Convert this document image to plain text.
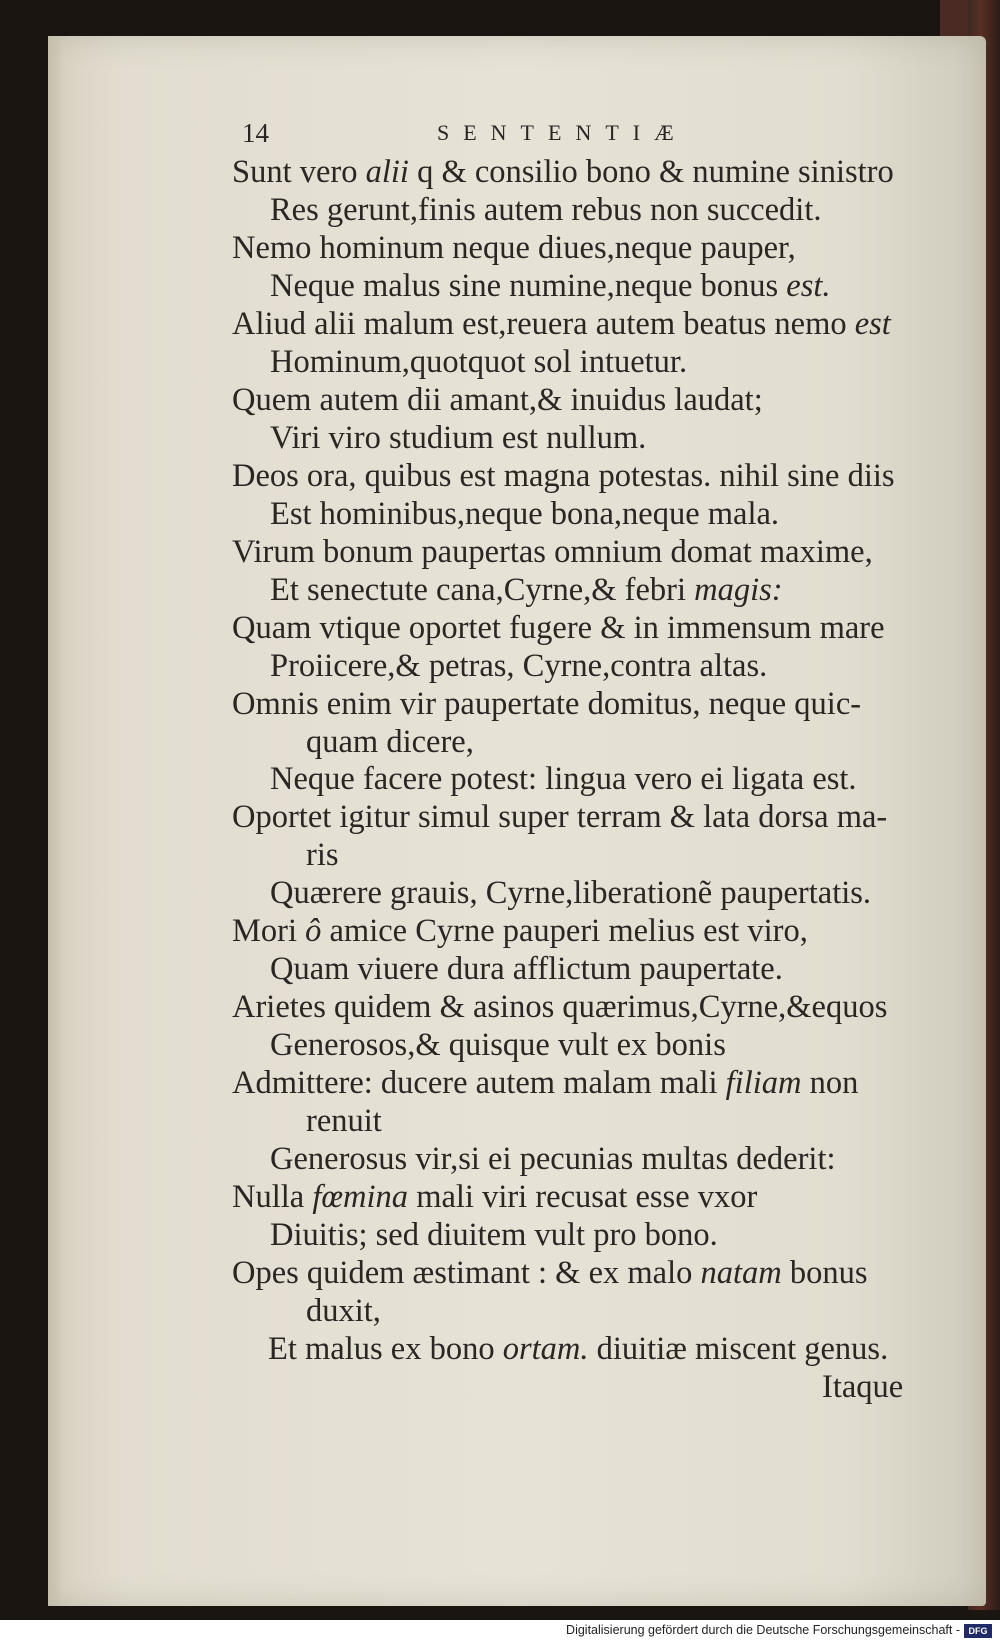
14	SENTENTIÆ
Sunt vero alii q & consilio bono & numine sinistro
Res gerunt,finis autem rebus non succedit.
Nemo hominum neque diues,neque pauper,
Neque malus sine numine,neque bonus est.
Aliud alii malum est,reuera autem beatus nemo est
Hominum,quotquot sol intuetur.
Quem autem dii amant,& inuidus laudat;
Viri viro studium est nullum.
Deos ora, quibus est magna potestas. nihil sine diis
Est hominibus,neque bona,neque mala.
Virum bonum paupertas omnium domat maxime,
Et senectute cana,Cyrne,& febri magis:
Quam vtique oportet fugere & in immensum mare
Proiicere,& petras, Cyrne,contra altas.
Omnis enim vir paupertate domitus, neque quic-
quam dicere,
Neque facere potest: lingua vero ei ligata est.
Oportet igitur simul super terram & lata dorsa ma-
ris
Quærere grauis, Cyrne,liberationẽ paupertatis.
Mori ô amice Cyrne pauperi melius est viro,
Quam viuere dura afflictum paupertate.
Arietes quidem & asinos quærimus,Cyrne,&equos
Generosos,& quisque vult ex bonis
Admittere: ducere autem malam mali filiam non
renuit
Generosus vir,si ei pecunias multas dederit:
Nulla fœmina mali viri recusat esse vxor
Diuitis; sed diuitem vult pro bono.
Opes quidem æstimant : & ex malo natam bonus
duxit,
Et malus ex bono ortam. diuitiæ miscent genus.
Itaque
Digitalisierung gefördert durch die Deutsche Forschungsgemeinschaft - DFG
